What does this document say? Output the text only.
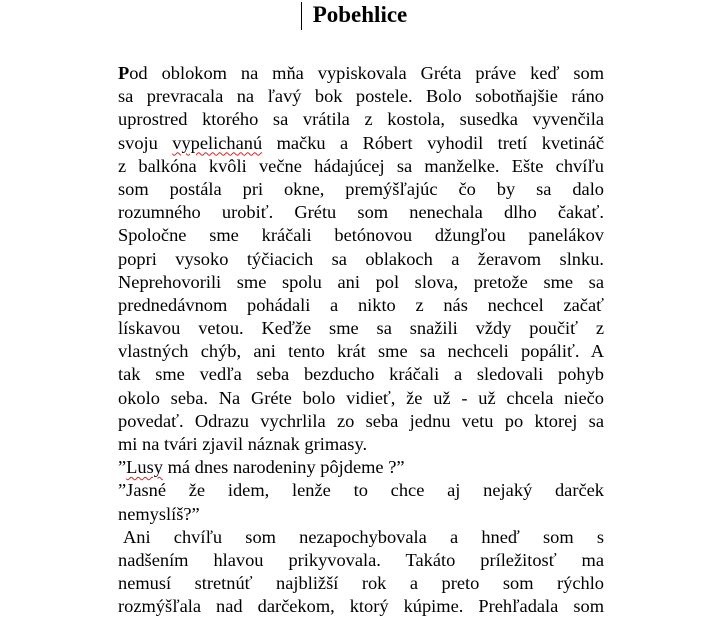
Pobehlice
Pod oblokom na mňa vypiskovala Gréta práve keď som
sa prevracala na ľavý bok postele. Bolo sobotňajšie ráno
uprostred ktorého sa vrátila z kostola, susedka vyvenčila
svoju vypelichanú mačku a Róbert vyhodil tretí kvetináč
z balkóna kvôli večne hádajúcej sa manželke. Ešte chvíľu
som postála pri okne, premýšľajúc čo by sa dalo
rozumného urobiť. Grétu som nenechala dlho čakať.
Spoločne sme kráčali betónovou džungľou panelákov
popri vysoko týčiacich sa oblakoch a žeravom slnku.
Neprehovorili sme spolu ani pol slova, pretože sme sa
prednedávnom pohádali a nikto z nás nechcel začať
lískavou vetou. Keďže sme sa snažili vždy poučiť z
vlastných chýb, ani tento krát sme sa nechceli popáliť. A
tak sme vedľa seba bezducho kráčali a sledovali pohyb
okolo seba. Na Gréte bolo vidieť, že už - už chcela niečo
povedať. Odrazu vychrlila zo seba jednu vetu po ktorej sa
mi na tvári zjavil náznak grimasy.
”Lusy má dnes narodeniny pôjdeme ?”
”Jasné že idem, lenže to chce aj nejaký darček
nemyslíš?”
Ani chvíľu som nezapochybovala a hneď som s
nadšením hlavou prikyvovala. Takáto príležitosť ma
nemusí stretnúť najbližší rok a preto som rýchlo
rozmýšľala nad darčekom, ktorý kúpime. Prehľadala som
